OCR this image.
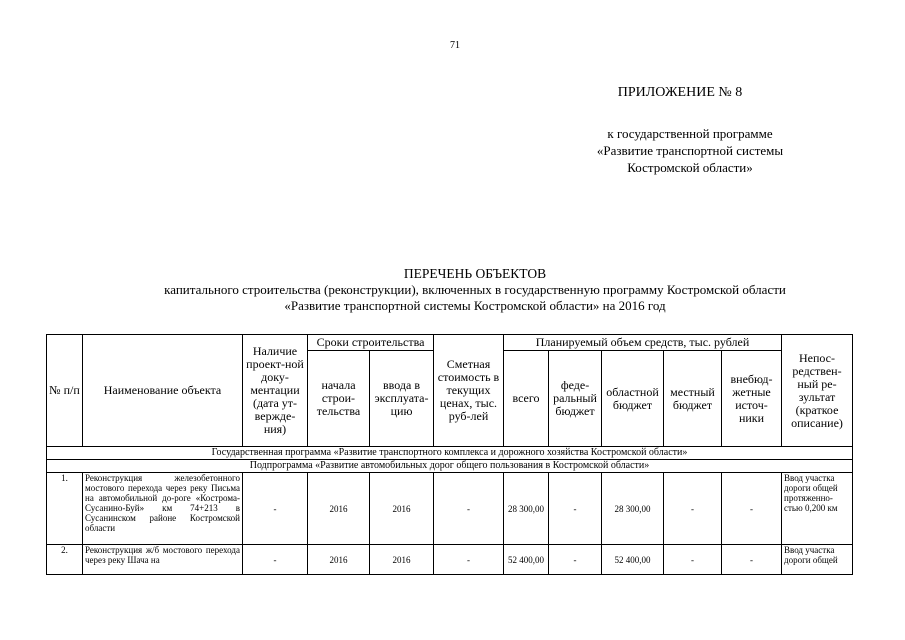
71
ПРИЛОЖЕНИЕ № 8
к государственной программе
«Развитие транспортной системы
Костромской области»
ПЕРЕЧЕНЬ ОБЪЕКТОВ
капитального строительства (реконструкции), включенных в государственную программу Костромской области
«Развитие транспортной системы Костромской области» на 2016 год
№ п/п	Наименование объекта	Наличие проект-ной доку-ментации (дата ут-вержде-ния)	Сроки строительства		Сметная стоимость в текущих ценах, тыс. руб-лей	Планируемый объем средств, тыс. рублей					Непос-редствен-ный ре-зультат (краткое описание)
			начала строи-тельства	ввода в эксплуата-цию		всего	феде-ральный бюджет	областной бюджет	местный бюджет	внебюд-жетные источ-ники	
Государственная программа «Развитие транспортного комплекса и дорожного хозяйства Костромской области»											
Подпрограмма «Развитие автомобильных дорог общего пользования в Костромской области»											
1.	Реконструкция железобетонного мостового перехода через реку Письма на автомобильной до-роге «Кострома-Сусанино-Буй» км 74+213 в Сусанинском районе Костромской области	-	2016	2016	-	28 300,00	-	28 300,00	-	-	Ввод участка дороги общей протяженно-стью 0,200 км
2.	Реконструкция ж/б мостового перехода через реку Шача на	-	2016	2016	-	52 400,00	-	52 400,00	-	-	Ввод участка дороги общей
